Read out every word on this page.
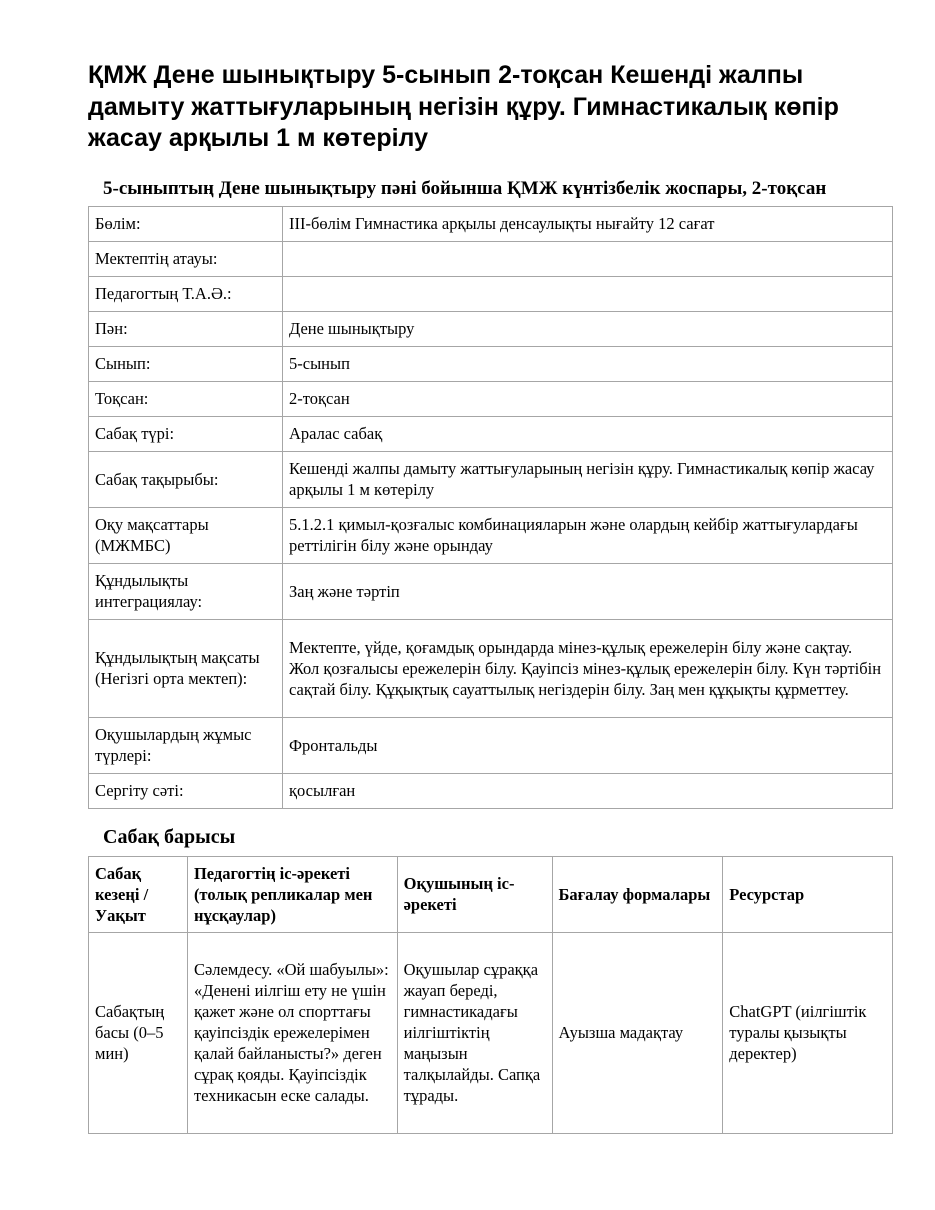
ҚМЖ Дене шынықтыру 5-сынып 2-тоқсан Кешенді жалпы дамыту жаттығуларының негізін құру. Гимнастикалық көпір жасау арқылы 1 м көтерілу
5-сыныптың Дене шынықтыру пәні бойынша ҚМЖ күнтізбелік жоспары, 2-тоқсан
Бөлім:	ІІІ-бөлім Гимнастика арқылы денсаулықты нығайту 12 сағат
Мектептің атауы:	
Педагогтың Т.А.Ә.:	
Пән:	Дене шынықтыру
Сынып:	5-сынып
Тоқсан:	2-тоқсан
Сабақ түрі:	Аралас сабақ
Сабақ тақырыбы:	Кешенді жалпы дамыту жаттығуларының негізін құру. Гимнастикалық көпір жасау арқылы 1 м көтерілу
Оқу мақсаттары (МЖМБС)	5.1.2.1 қимыл-қозғалыс комбинацияларын және олардың кейбір жаттығулардағы реттілігін білу және орындау
Құндылықты интеграциялау:	Заң және тәртіп
Құндылықтың мақсаты (Негізгі орта мектеп):	Мектепте, үйде, қоғамдық орындарда мінез-құлық ережелерін білу және сақтау. Жол қозғалысы ережелерін білу. Қауіпсіз мінез-құлық ережелерін білу. Күн тәртібін сақтай білу. Құқықтық сауаттылық негіздерін білу. Заң мен құқықты құрметтеу.
Оқушылардың жұмыс түрлері:	Фронтальды
Сергіту сәті:	қосылған
Сабақ барысы
Сабақ кезеңі / Уақыт	Педагогтің іс-әрекеті (толық репликалар мен нұсқаулар)	Оқушының іс-әрекеті	Бағалау формалары	Ресурстар
Сабақтың басы (0–5 мин)	Сәлемдесу. «Ой шабуылы»: «Денені иілгіш ету не үшін қажет және ол спорттағы қауіпсіздік ережелерімен қалай байланысты?» деген сұрақ қояды. Қауіпсіздік техникасын еске салады.	Оқушылар сұраққа жауап береді, гимнастикадағы иілгіштіктің маңызын талқылайды. Сапқа тұрады.	Ауызша мадақтау	ChatGPT (иілгіштік туралы қызықты деректер)
